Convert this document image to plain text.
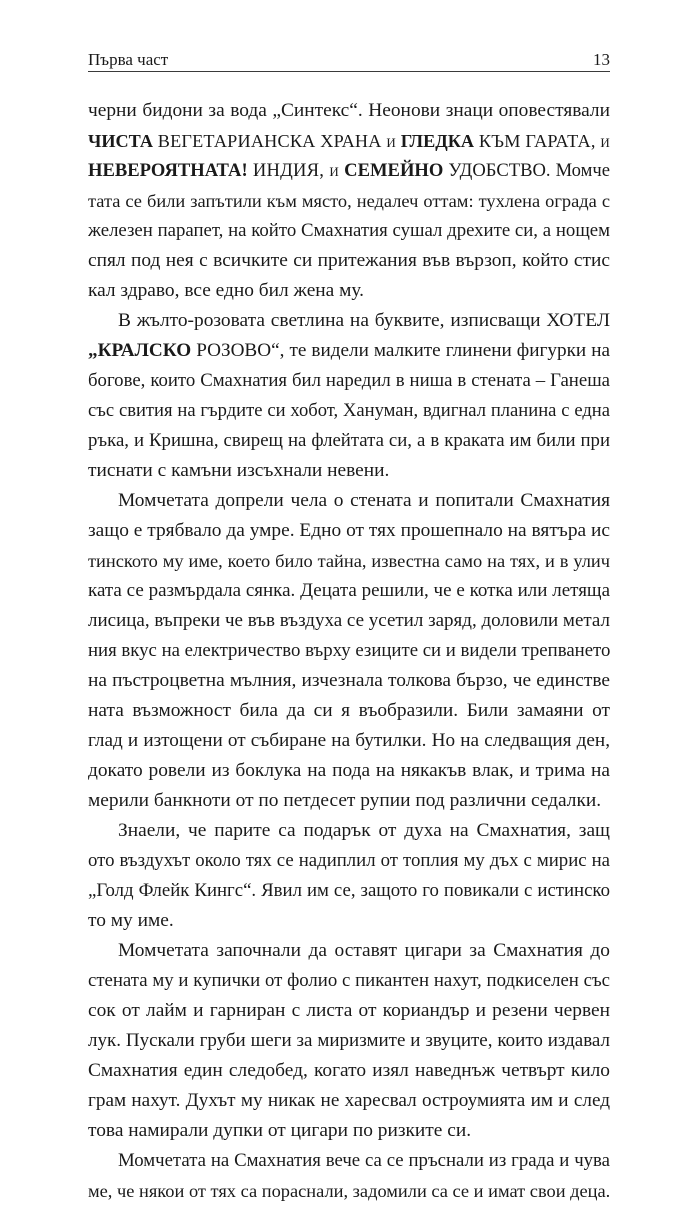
Първа част	13
черни бидони за вода „Синтекс“. Неонови знаци оповестявали
ЧИСТА ВЕГЕТАРИАНСКА ХРАНА и ГЛЕДКА КЪМ ГАРАТА, и
НЕВЕРОЯТНАТА! ИНДИЯ, и СЕМЕЙНО УДОБСТВО. Момче
тата се били запътили към място, недалеч оттам: тухлена ограда с
железен парапет, на който Смахнатия сушал дрехите си, а нощем
спял под нея с всичките си притежания във вързоп, който стис
кал здраво, все едно бил жена му.
В жълто-розовата светлина на буквите, изписващи ХОТЕЛ
„КРАЛСКО РОЗОВО“, те видели малките глинени фигурки на
богове, които Смахнатия бил наредил в ниша в стената – Ганеша
със свития на гърдите си хобот, Хануман, вдигнал планина с една
ръка, и Кришна, свирещ на флейтата си, а в краката им били при
тиснати с камъни изсъхнали невени.
Момчетата допрели чела о стената и попитали Смахнатия
защо е трябвало да умре. Едно от тях прошепнало на вятъра ис
тинското му име, което било тайна, известна само на тях, и в улич
ката се размърдала сянка. Децата решили, че е котка или летяща
лисица, въпреки че във въздуха се усетил заряд, доловили метал
ния вкус на електричество върху езиците си и видели трепването
на пъстроцветна мълния, изчезнала толкова бързо, че единстве
ната възможност била да си я въобразили. Били замаяни от
глад и изтощени от събиране на бутилки. Но на следващия ден,
докато ровели из боклука на пода на някакъв влак, и трима на
мерили банкноти от по петдесет рупии под различни седалки.
Знаели, че парите са подарък от духа на Смахнатия, защ
ото въздухът около тях се надиплил от топлия му дъх с мирис на
„Голд Флейк Кингс“. Явил им се, защото го повикали с истинско
то му име.
Момчетата започнали да оставят цигари за Смахнатия до
стената му и купички от фолио с пикантен нахут, подкиселен със
сок от лайм и гарниран с листа от кориандър и резени червен
лук. Пускали груби шеги за миризмите и звуците, които издавал
Смахнатия един следобед, когато изял наведнъж четвърт кило
грам нахут. Духът му никак не харесвал остроумията им и след
това намирали дупки от цигари по ризките си.
Момчетата на Смахнатия вече са се пръснали из града и чува
ме, че някои от тях са пораснали, задомили са се и имат свои деца.
